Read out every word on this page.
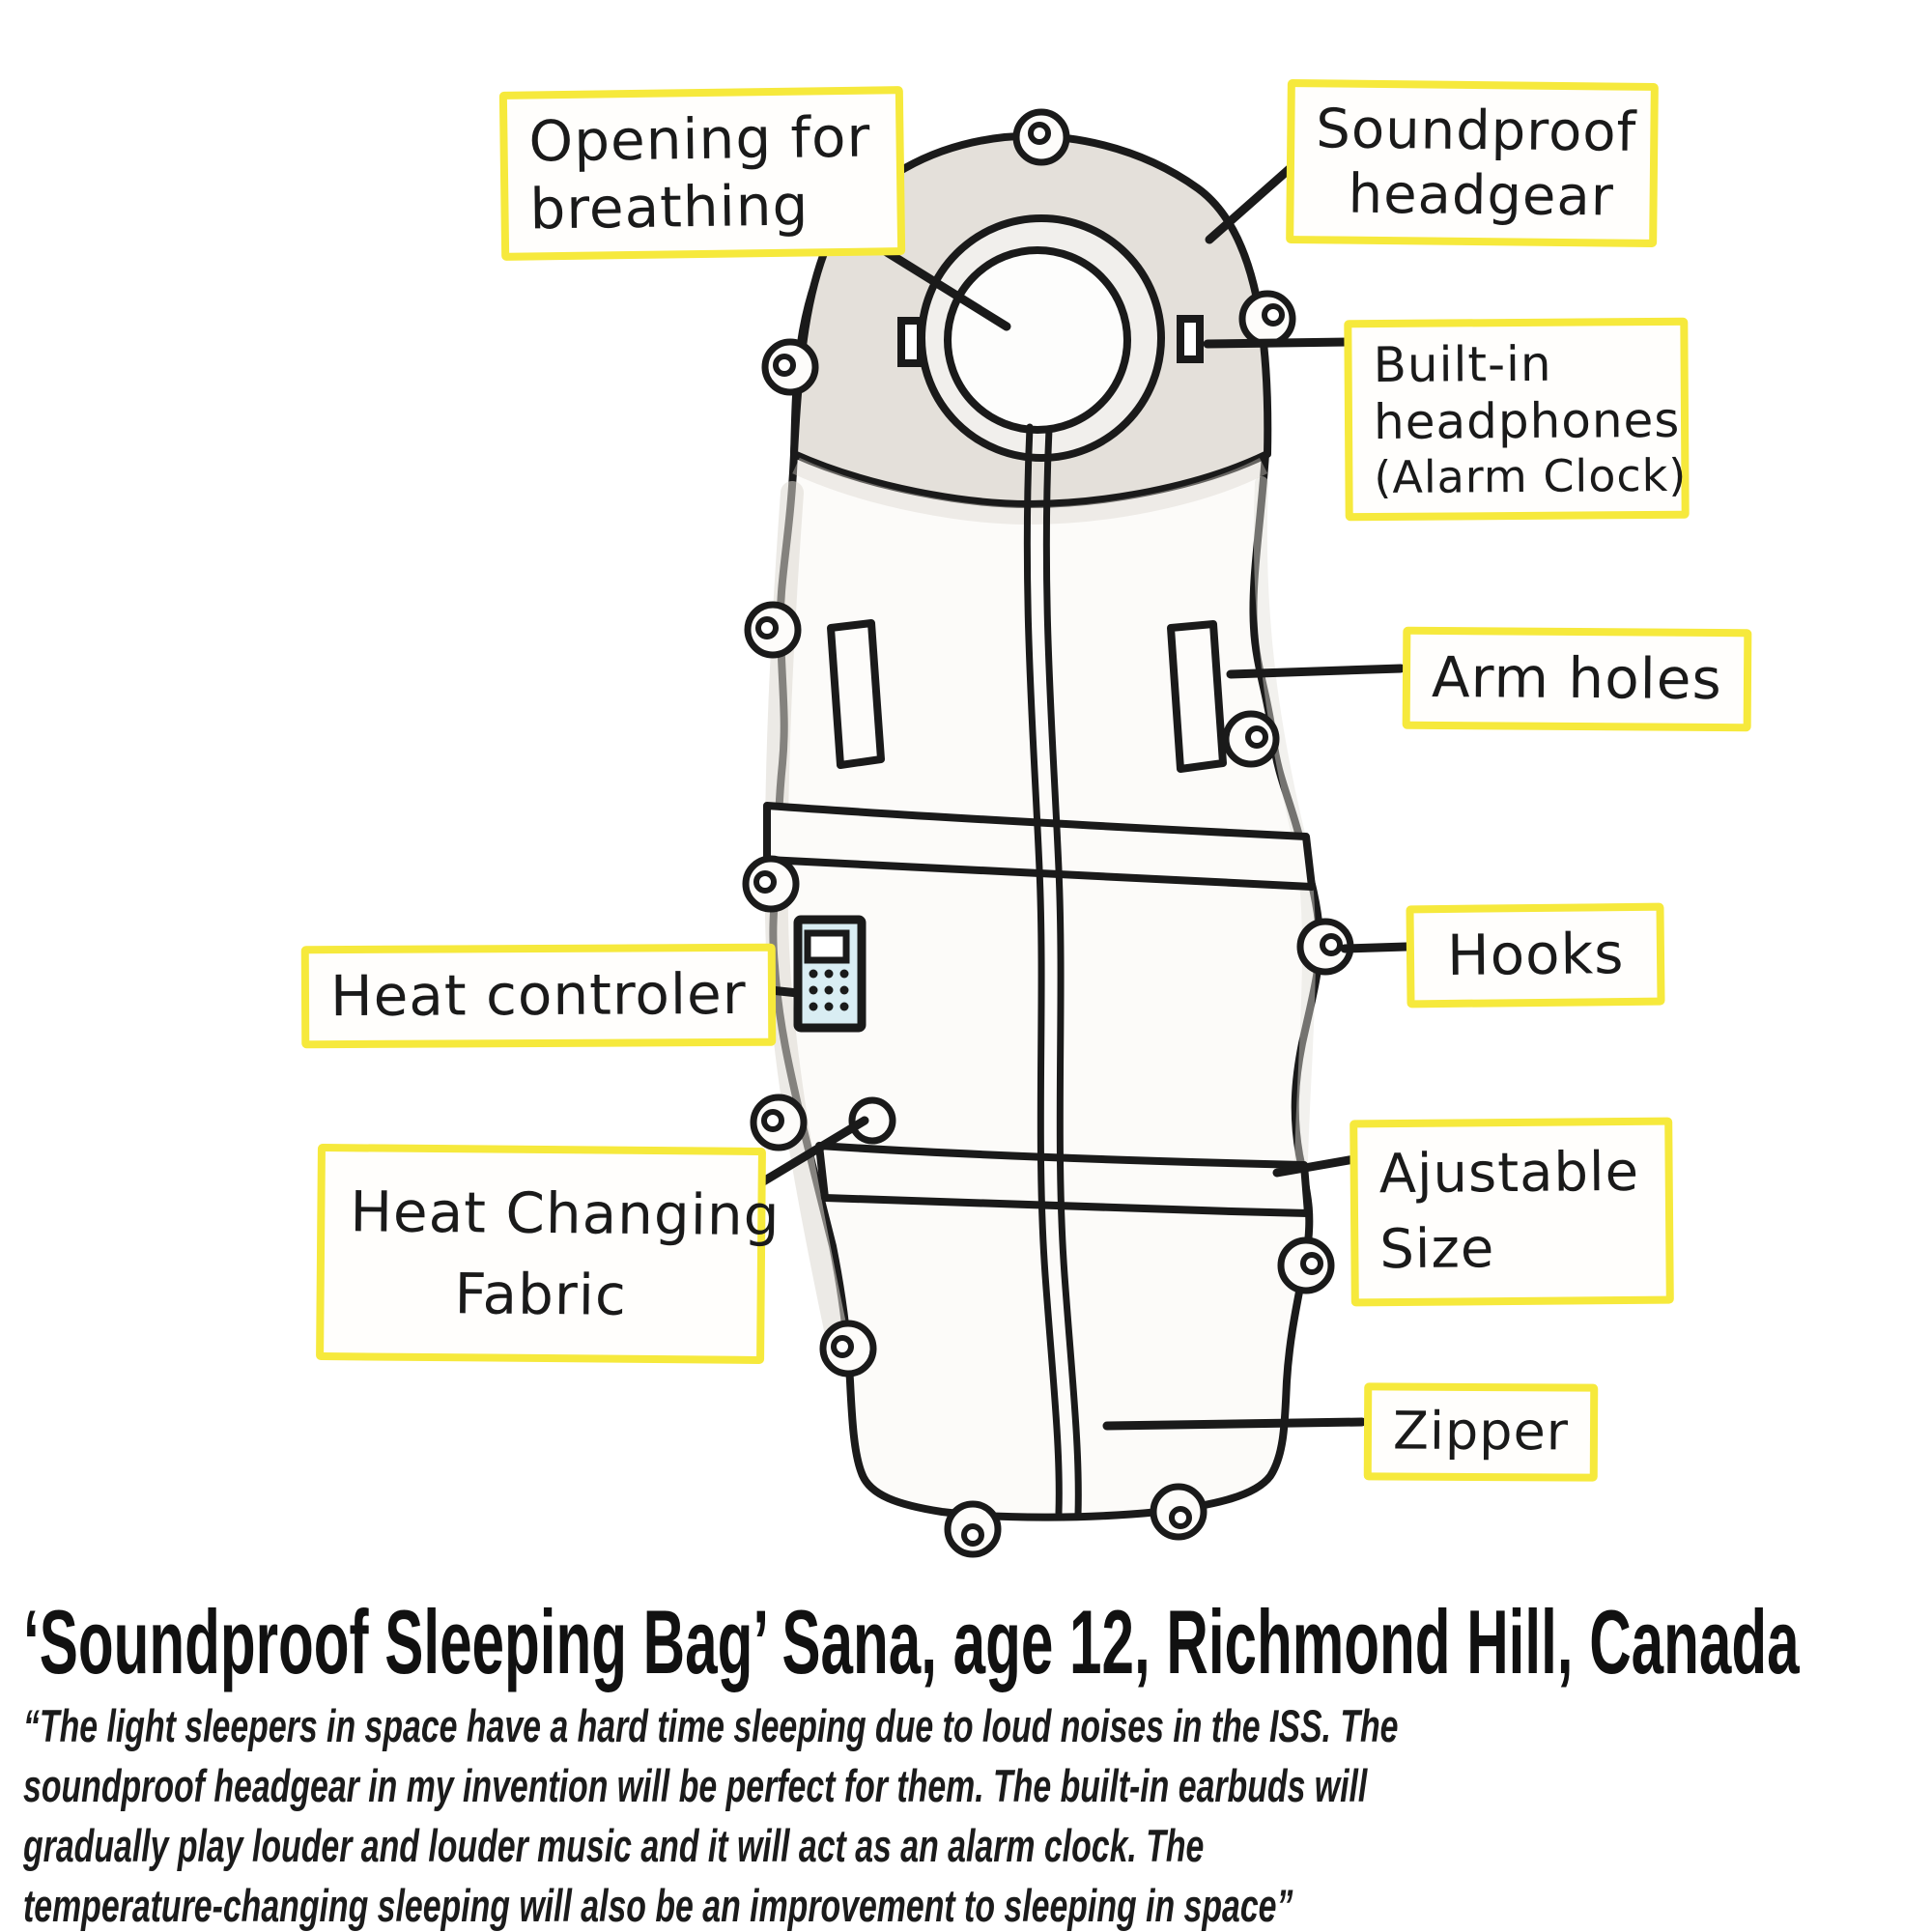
Opening for
breathing
Soundproof
headgear
Built-in
headphones
(Alarm Clock)
Arm holes
Heat controler
Hooks
Heat Changing
Fabric
Ajustable
Size
Zipper
‘Soundproof Sleeping Bag’ Sana, age 12, Richmond Hill, Canada
“The light sleepers in space have a hard time sleeping due to loud noises in the ISS. The
soundproof headgear in my invention will be perfect for them. The built-in earbuds will
gradually play louder and louder music and it will act as an alarm clock. The
temperature-changing sleeping will also be an improvement to sleeping in space”
